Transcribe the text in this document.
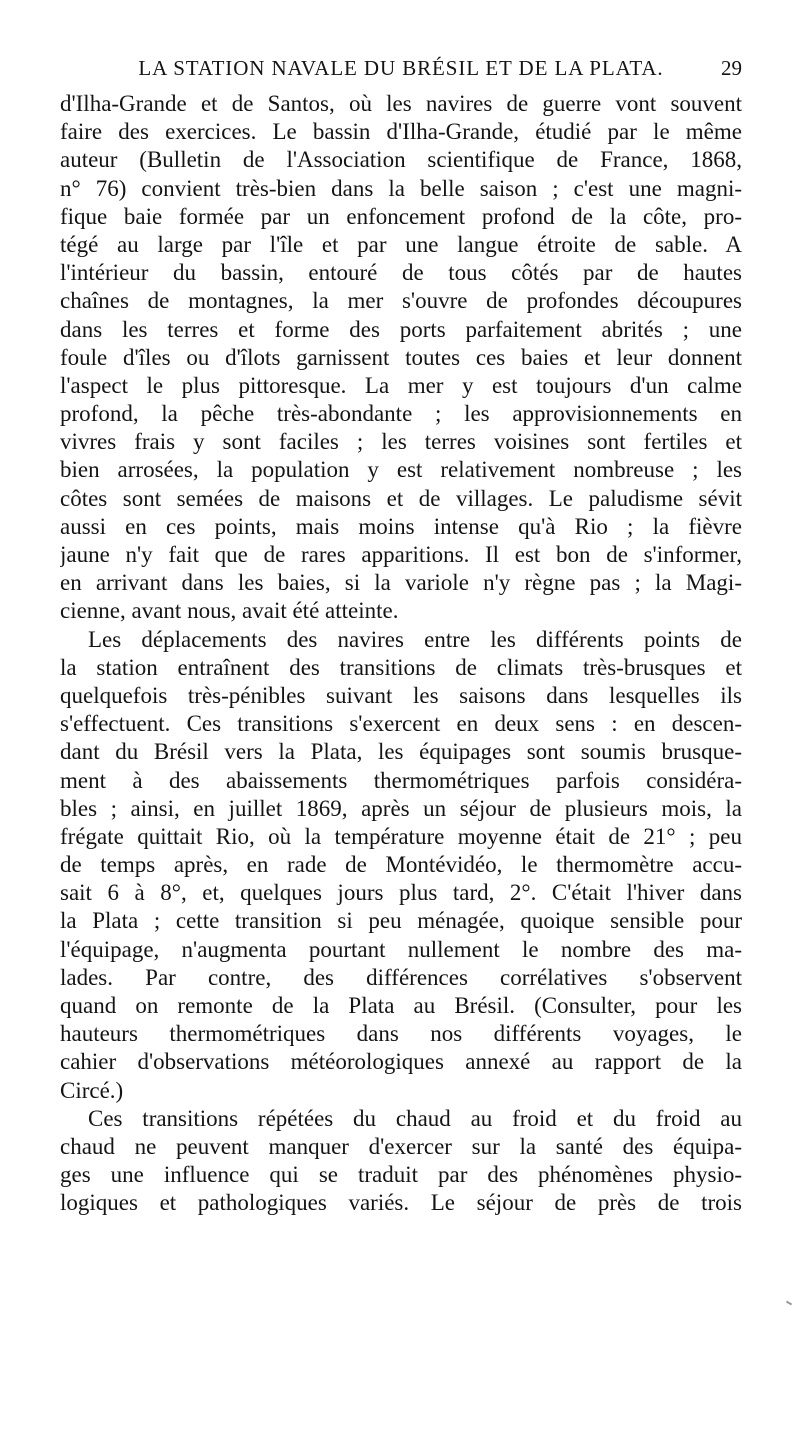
LA STATION NAVALE DU BRÉSIL ET DE LA PLATA.	29
d'Ilha-Grande et de Santos, où les navires de guerre vont souvent
faire des exercices. Le bassin d'Ilha-Grande, étudié par le même
auteur (Bulletin de l'Association scientifique de France, 1868,
n° 76) convient très-bien dans la belle saison ; c'est une magni-
fique baie formée par un enfoncement profond de la côte, pro-
tégé au large par l'île et par une langue étroite de sable. A
l'intérieur du bassin, entouré de tous côtés par de hautes
chaînes de montagnes, la mer s'ouvre de profondes découpures
dans les terres et forme des ports parfaitement abrités ; une
foule d'îles ou d'îlots garnissent toutes ces baies et leur donnent
l'aspect le plus pittoresque. La mer y est toujours d'un calme
profond, la pêche très-abondante ; les approvisionnements en
vivres frais y sont faciles ; les terres voisines sont fertiles et
bien arrosées, la population y est relativement nombreuse ; les
côtes sont semées de maisons et de villages. Le paludisme sévit
aussi en ces points, mais moins intense qu'à Rio ; la fièvre
jaune n'y fait que de rares apparitions. Il est bon de s'informer,
en arrivant dans les baies, si la variole n'y règne pas ; la Magi-
cienne, avant nous, avait été atteinte.
Les déplacements des navires entre les différents points de
la station entraînent des transitions de climats très-brusques et
quelquefois très-pénibles suivant les saisons dans lesquelles ils
s'effectuent. Ces transitions s'exercent en deux sens : en descen-
dant du Brésil vers la Plata, les équipages sont soumis brusque-
ment à des abaissements thermométriques parfois considéra-
bles ; ainsi, en juillet 1869, après un séjour de plusieurs mois, la
frégate quittait Rio, où la température moyenne était de 21° ; peu
de temps après, en rade de Montévidéo, le thermomètre accu-
sait 6 à 8°, et, quelques jours plus tard, 2°. C'était l'hiver dans
la Plata ; cette transition si peu ménagée, quoique sensible pour
l'équipage, n'augmenta pourtant nullement le nombre des ma-
lades. Par contre, des différences corrélatives s'observent
quand on remonte de la Plata au Brésil. (Consulter, pour les
hauteurs thermométriques dans nos différents voyages, le
cahier d'observations météorologiques annexé au rapport de la
Circé.)
Ces transitions répétées du chaud au froid et du froid au
chaud ne peuvent manquer d'exercer sur la santé des équipa-
ges une influence qui se traduit par des phénomènes physio-
logiques et pathologiques variés. Le séjour de près de trois
